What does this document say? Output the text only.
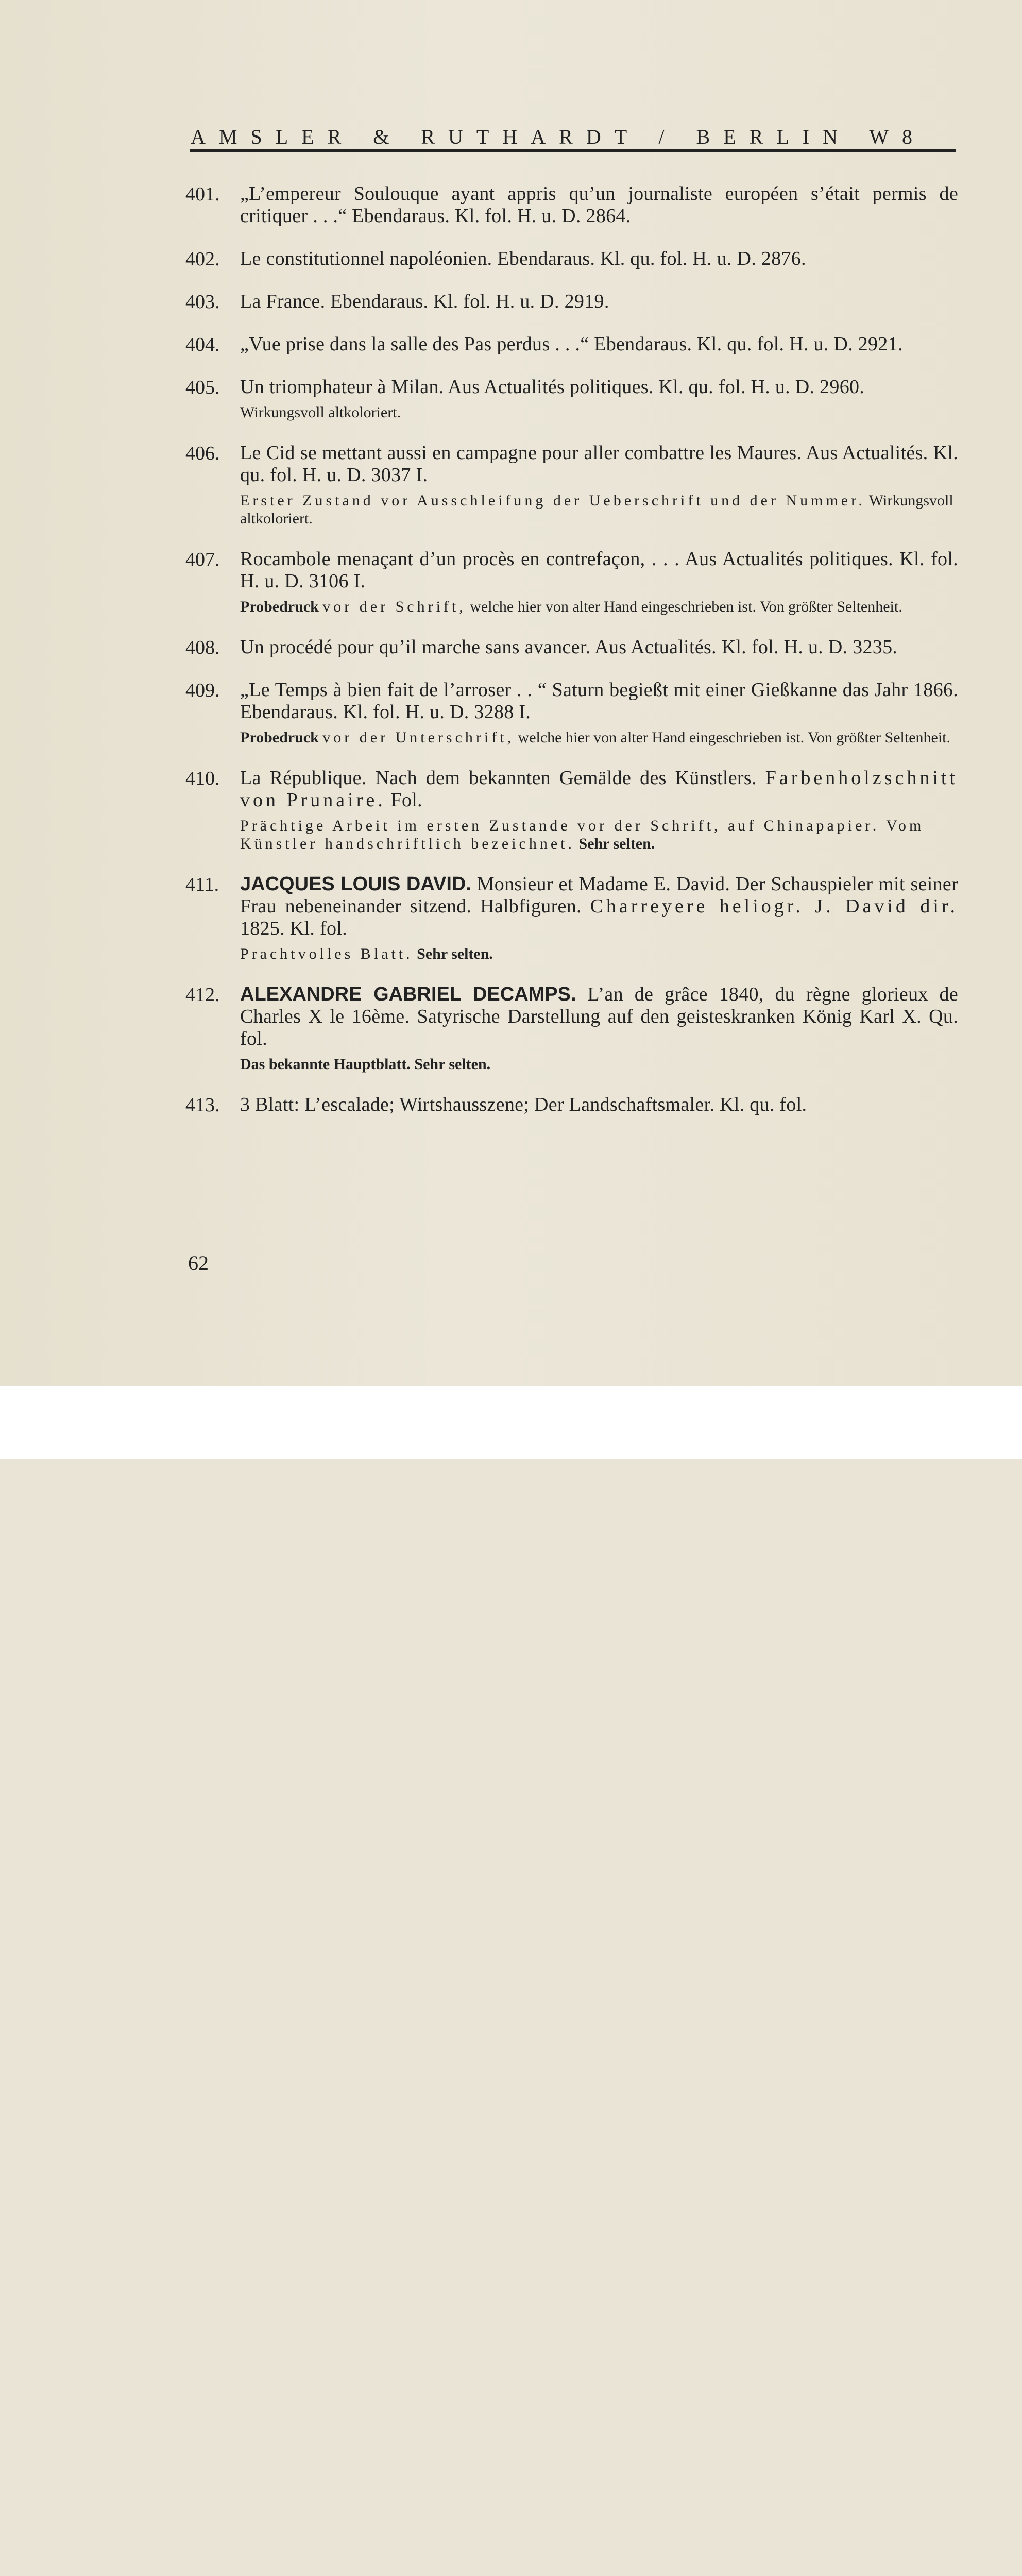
AMSLER & RUTHARDT / BERLIN W8
401. „L’empereur Soulouque ayant appris qu’un journaliste européen s’était permis de critiquer . . .“ Ebendaraus. Kl. fol. H. u. D. 2864.

402. Le constitutionnel napoléonien. Ebendaraus. Kl. qu. fol. H. u. D. 2876.

403. La France. Ebendaraus. Kl. fol. H. u. D. 2919.

404. „Vue prise dans la salle des Pas perdus . . .“ Ebendaraus. Kl. qu. fol. H. u. D. 2921.

405. Un triomphateur à Milan. Aus Actualités politiques. Kl. qu. fol. H. u. D. 2960.

Wirkungsvoll altkoloriert.

406. Le Cid se mettant aussi en campagne pour aller combattre les Maures. Aus Actualités. Kl. qu. fol. H. u. D. 3037 I.

Erster Zustand vor Ausschleifung der Ueberschrift und der Nummer. Wirkungsvoll altkoloriert.

407. Rocambole menaçant d’un procès en contrefaçon, . . . Aus Actualités politiques. Kl. fol. H. u. D. 3106 I.

Probedruck vor der Schrift, welche hier von alter Hand eingeschrieben ist. Von größter Seltenheit.

408. Un procédé pour qu’il marche sans avancer. Aus Actualités. Kl. fol. H. u. D. 3235.

409. „Le Temps à bien fait de l’arroser . . “ Saturn begießt mit einer Gießkanne das Jahr 1866. Ebendaraus. Kl. fol. H. u. D. 3288 I.

Probedruck vor der Unterschrift, welche hier von alter Hand eingeschrieben ist. Von größter Seltenheit.

410. La République. Nach dem bekannten Gemälde des Künstlers. Farbenholzschnitt von Prunaire. Fol.

Prächtige Arbeit im ersten Zustande vor der Schrift, auf Chinapapier. Vom Künstler handschriftlich bezeichnet. Sehr selten.

411. JACQUES LOUIS DAVID. Monsieur et Madame E. David. Der Schauspieler mit seiner Frau nebeneinander sitzend. Halbfiguren. Charreyere heliogr. J. David dir. 1825. Kl. fol.

Prachtvolles Blatt. Sehr selten.

412. ALEXANDRE GABRIEL DECAMPS. L’an de grâce 1840, du règne glorieux de Charles X le 16ème. Satyrische Darstellung auf den geisteskranken König Karl X. Qu. fol.

Das bekannte Hauptblatt. Sehr selten.

413. 3 Blatt: L’escalade; Wirtshausszene; Der Landschaftsmaler. Kl. qu. fol.

62
